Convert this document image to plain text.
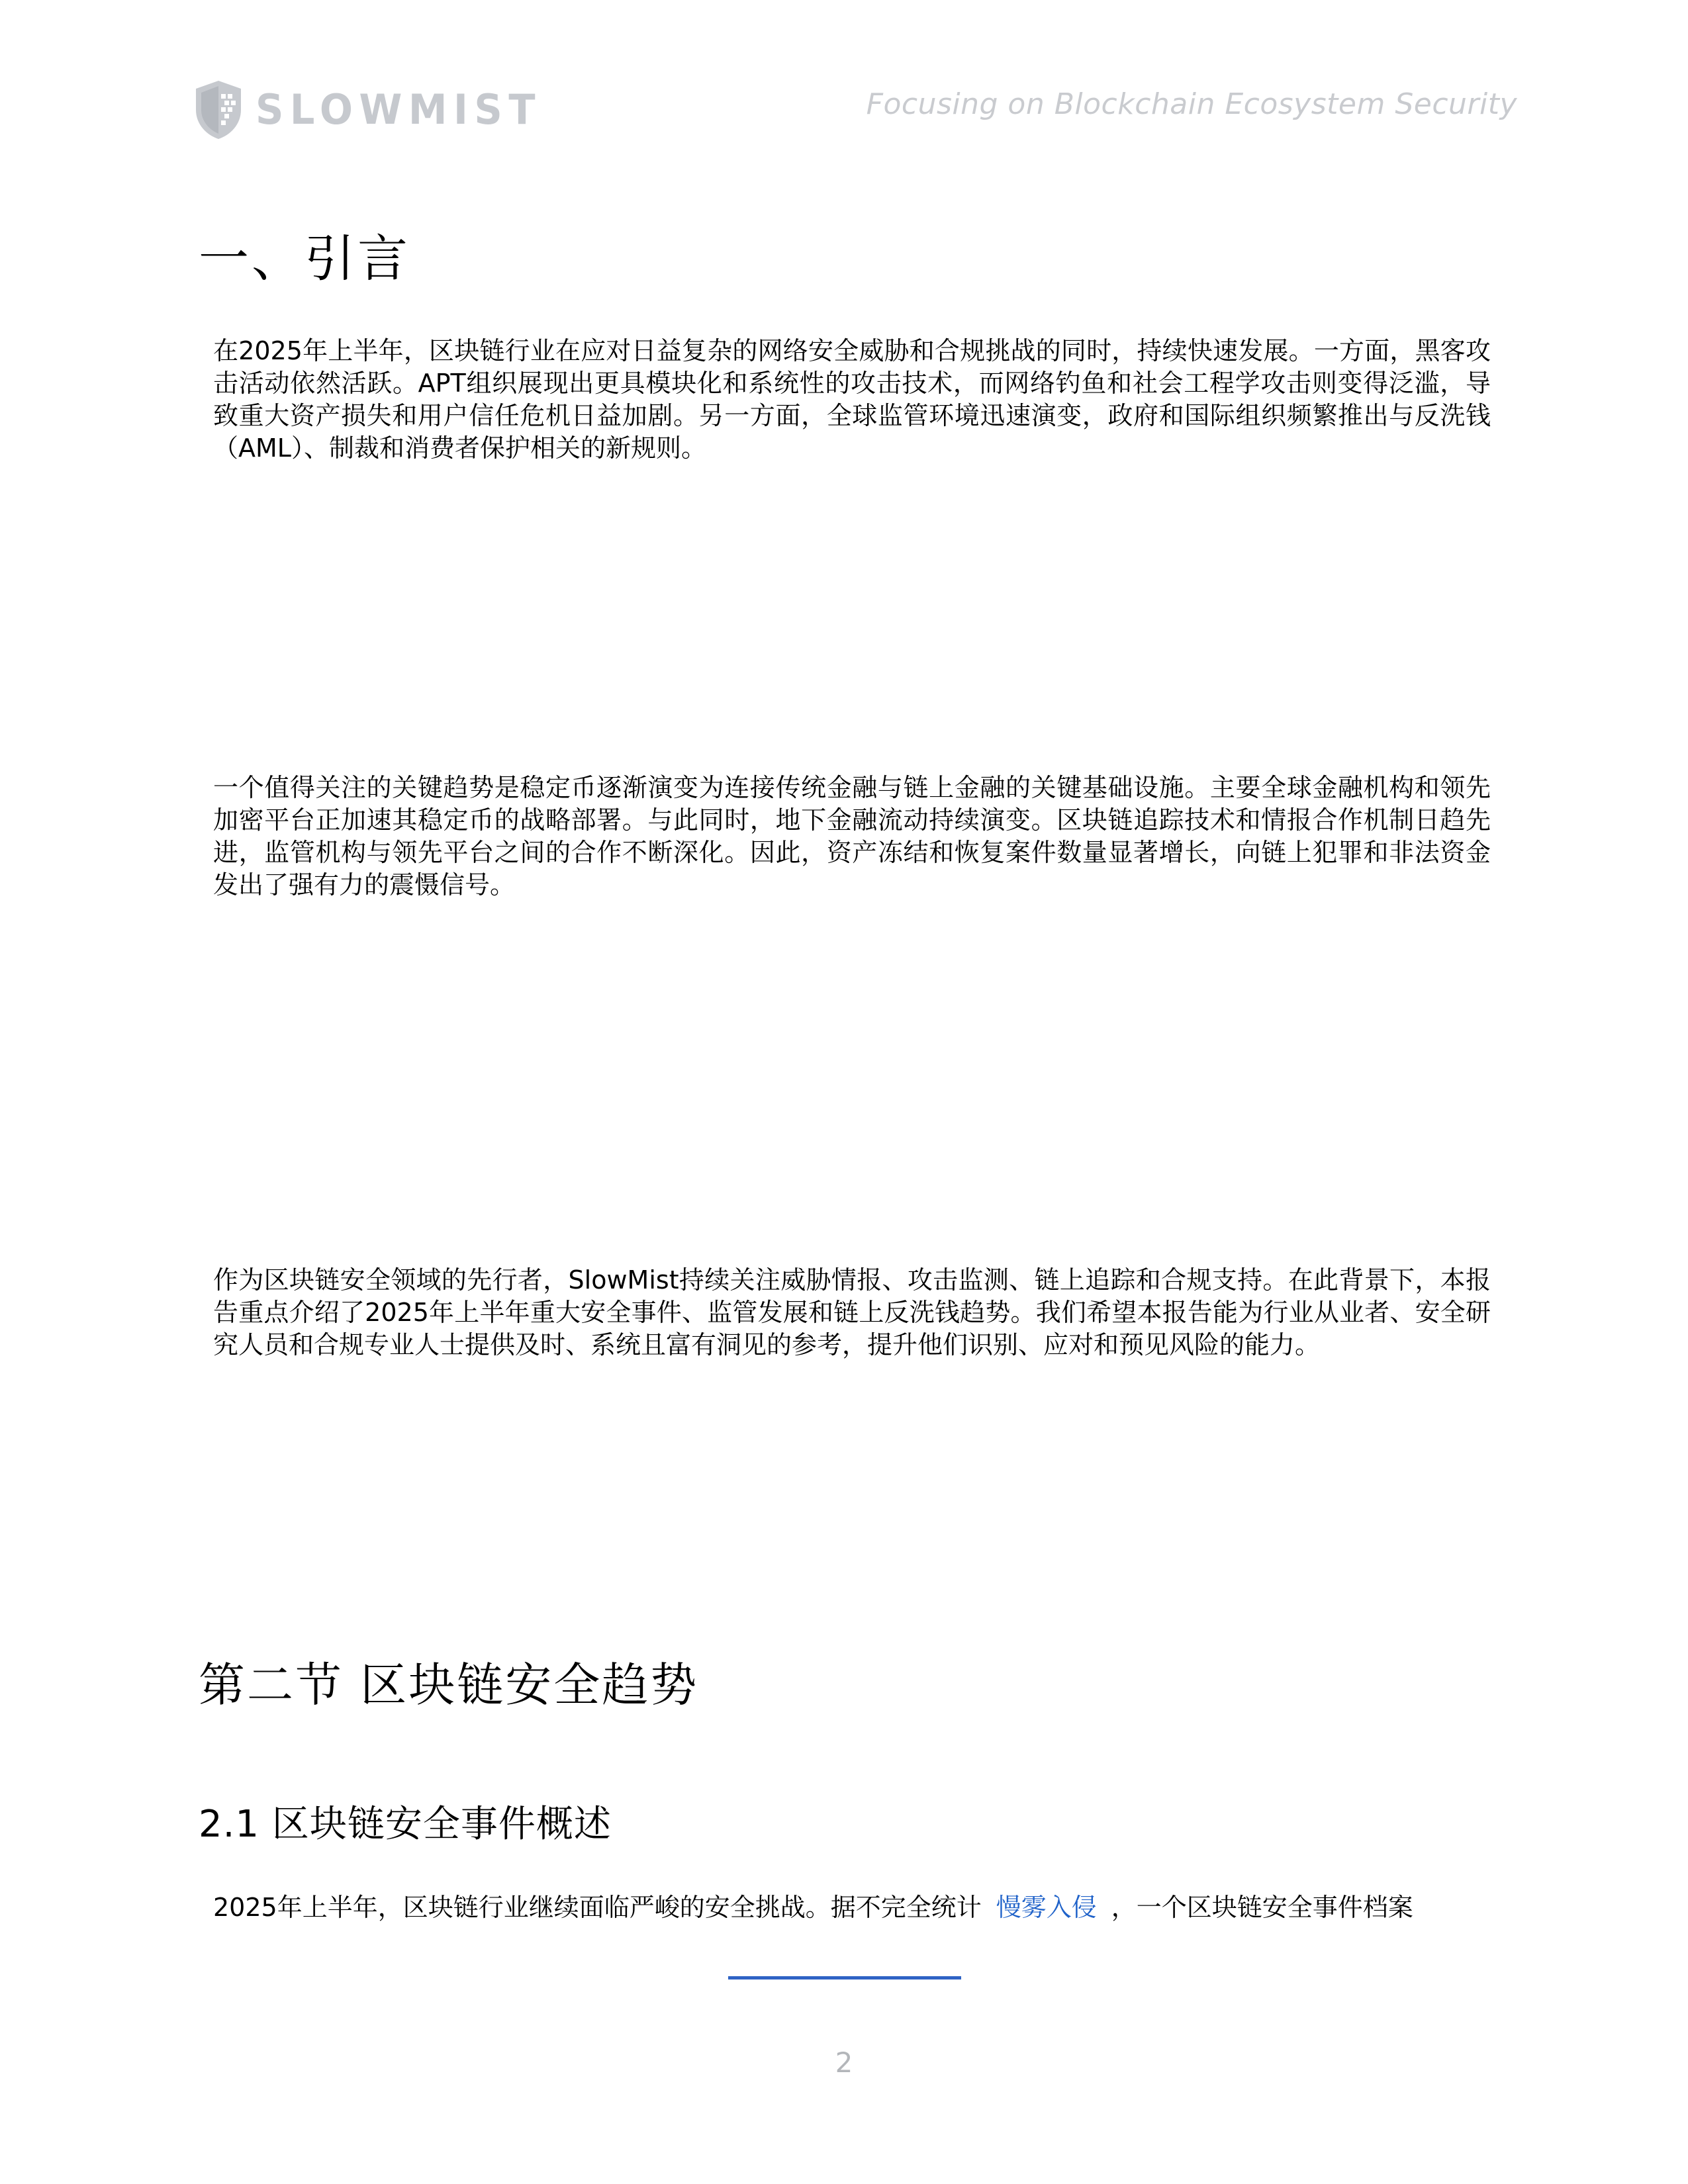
SLOWMIST	Focusing on Blockchain Ecosystem Security
一、引言

在2025年上半年，区块链行业在应对日益复杂的网络安全威胁和合规挑战的同时，持续快速发展。一方面，黑客攻击活动依然活跃。APT组织展现出更具模块化和系统性的攻击技术，而网络钓鱼和社会工程学攻击则变得泛滥，导致重大资产损失和用户信任危机日益加剧。另一方面，全球监管环境迅速演变，政府和国际组织频繁推出与反洗钱（AML）、制裁和消费者保护相关的新规则。

一个值得关注的关键趋势是稳定币逐渐演变为连接传统金融与链上金融的关键基础设施。主要全球金融机构和领先加密平台正加速其稳定币的战略部署。与此同时，地下金融流动持续演变。区块链追踪技术和情报合作机制日趋先进，监管机构与领先平台之间的合作不断深化。因此，资产冻结和恢复案件数量显著增长，向链上犯罪和非法资金发出了强有力的震慑信号。

作为区块链安全领域的先行者，SlowMist持续关注威胁情报、攻击监测、链上追踪和合规支持。在此背景下，本报告重点介绍了2025年上半年重大安全事件、监管发展和链上反洗钱趋势。我们希望本报告能为行业从业者、安全研究人员和合规专业人士提供及时、系统且富有洞见的参考，提升他们识别、应对和预见风险的能力。

第二节 区块链安全趋势
2.1 区块链安全事件概述

2025年上半年，区块链行业继续面临严峻的安全挑战。据不完全统计 慢雾入侵 ，一个区块链安全事件档案

2
